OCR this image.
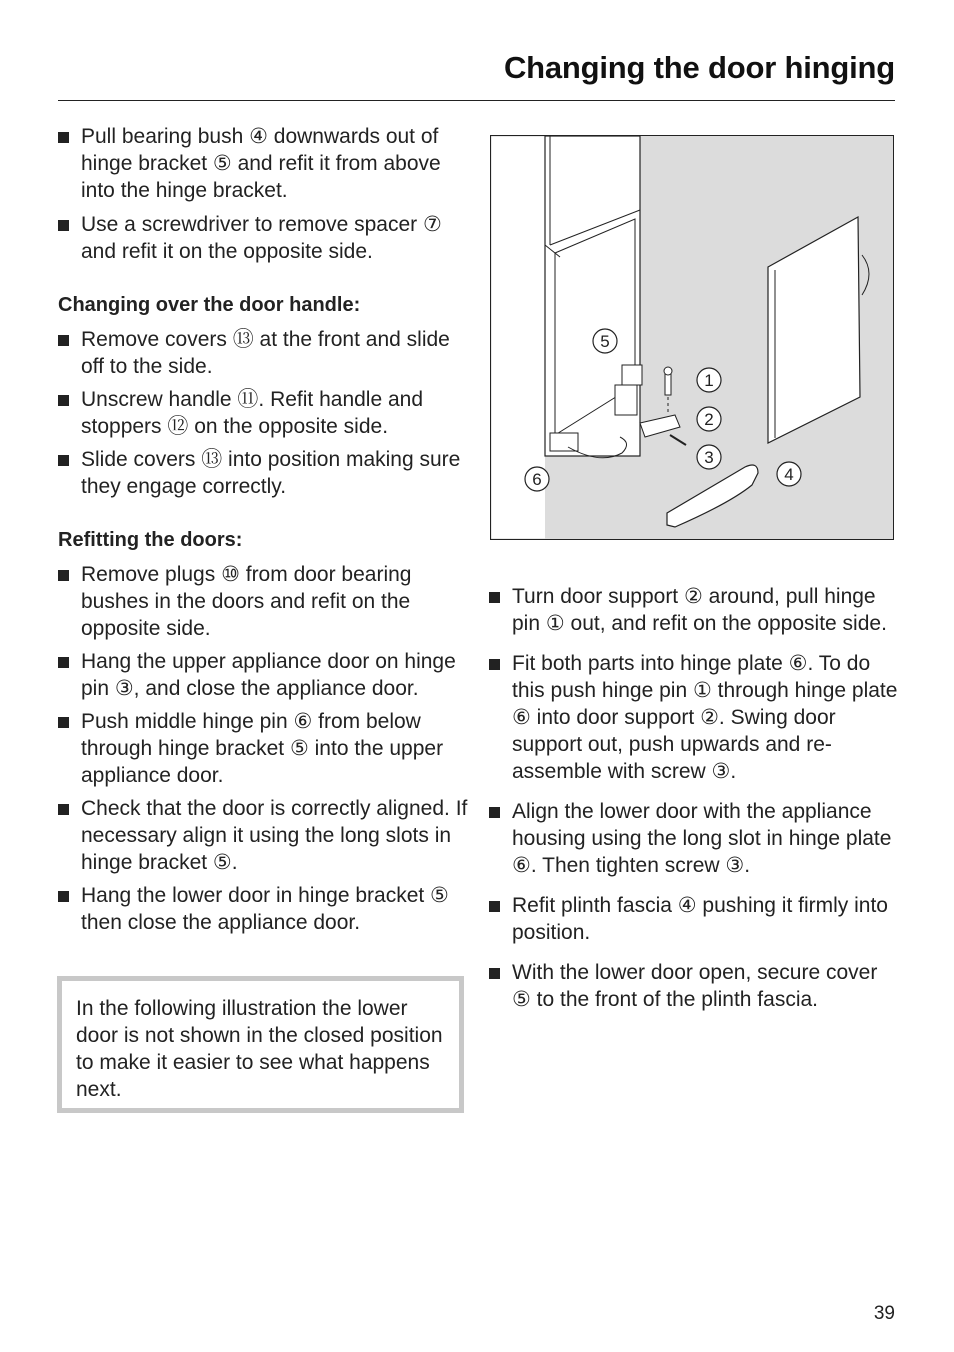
Changing the door hinging
Pull bearing bush ④ downwards out of hinge bracket ⑤ and refit it from above into the hinge bracket.
Use a screwdriver to remove spacer ⑦ and refit it on the opposite side.
Changing over the door handle:
Remove covers ⑬ at the front and slide off to the side.
Unscrew handle ⑪. Refit handle and stoppers ⑫ on the opposite side.
Slide covers ⑬ into position making sure they engage correctly.
Refitting the doors:
Remove plugs ⑩ from door bearing bushes in the doors and refit on the opposite side.
Hang the upper appliance door on hinge pin ③, and close the appliance door.
Push middle hinge pin ⑥ from below through hinge bracket ⑤ into the upper appliance door.
Check that the door is correctly aligned. If necessary align it using the long slots in hinge bracket ⑤.
Hang the lower door in hinge bracket ⑤ then close the appliance door.
In the following illustration the lower door is not shown in the closed position to make it easier to see what happens next.
5
1
2
3
6	4
Turn door support ② around, pull hinge pin ① out, and refit on the opposite side.
Fit both parts into hinge plate ⑥. To do this push hinge pin ① through hinge plate ⑥ into door support ②. Swing door support out, push upwards and re-assemble with screw ③.
Align the lower door with the appliance housing using the long slot in hinge plate ⑥. Then tighten screw ③.
Refit plinth fascia ④ pushing it firmly into position.
With the lower door open, secure cover ⑤ to the front of the plinth fascia.
39
